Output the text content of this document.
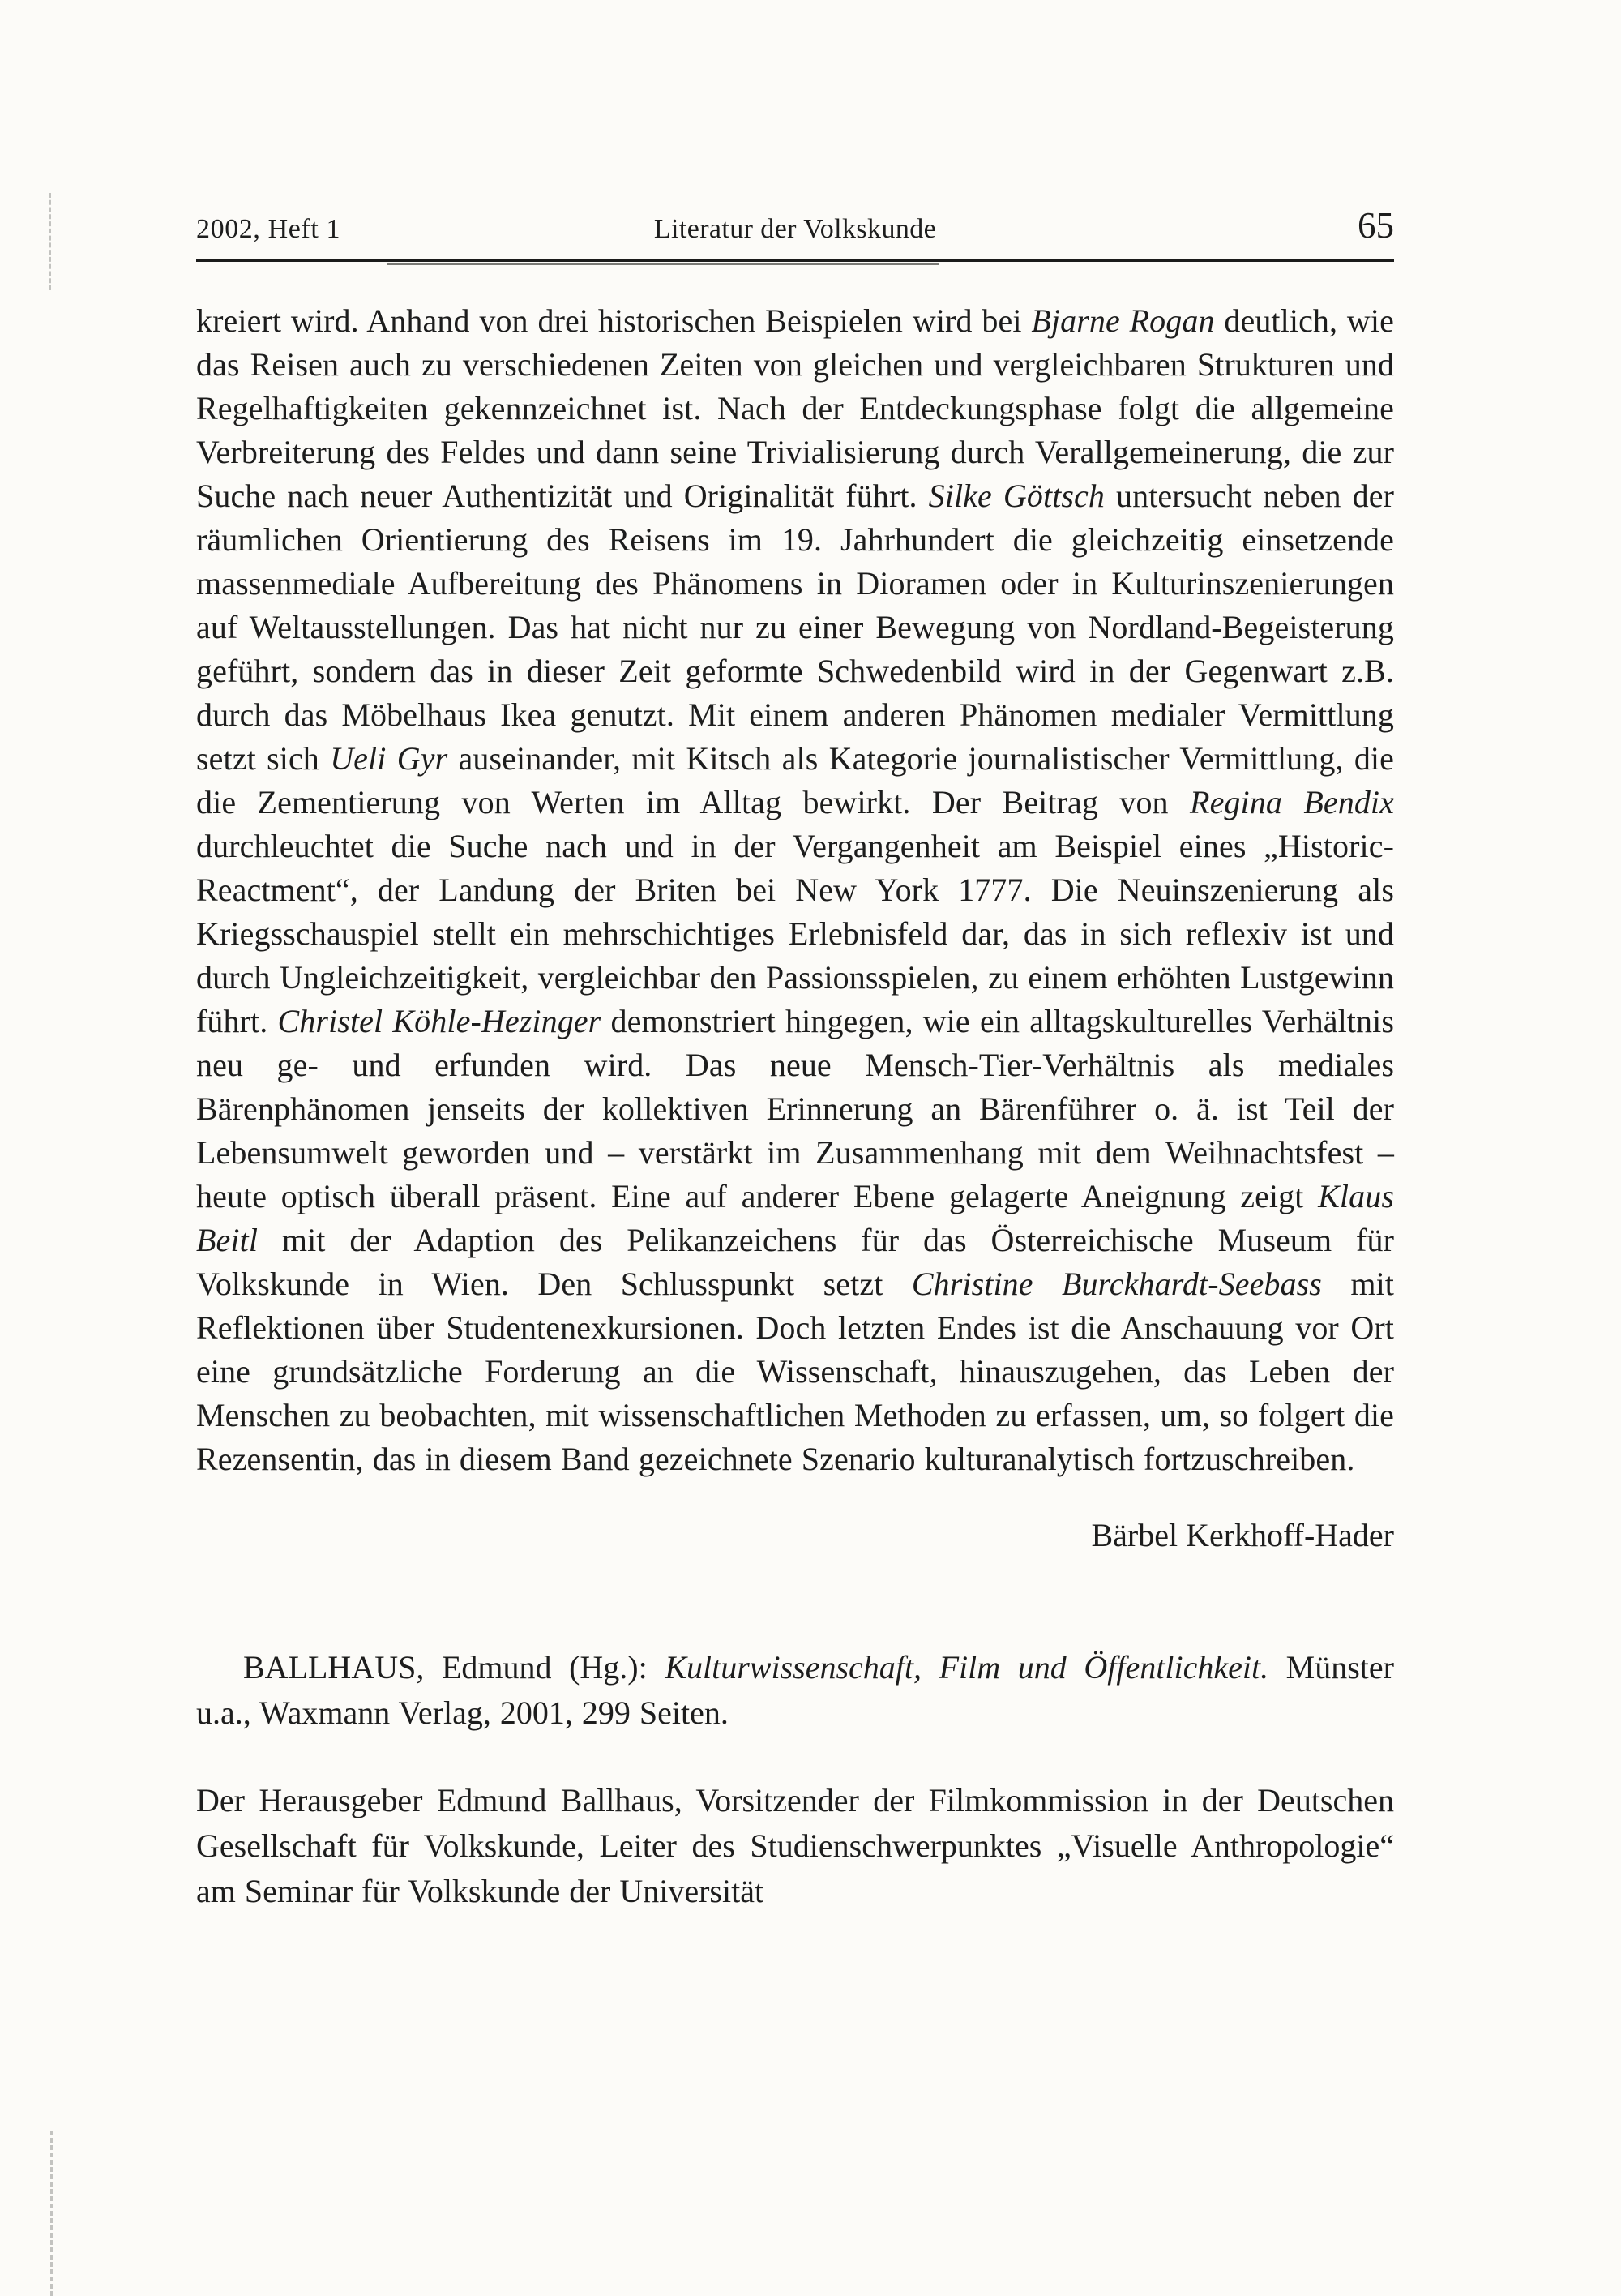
2002, Heft 1	Literatur der Volkskunde	65

kreiert wird. Anhand von drei historischen Beispielen wird bei Bjarne Rogan deutlich, wie das Reisen auch zu verschiedenen Zeiten von gleichen und vergleichbaren Strukturen und Regelhaftigkeiten gekennzeichnet ist. Nach der Entdeckungsphase folgt die allgemeine Verbreiterung des Feldes und dann seine Trivialisierung durch Verallgemeinerung, die zur Suche nach neuer Authentizität und Originalität führt. Silke Göttsch untersucht neben der räumlichen Orientierung des Reisens im 19. Jahrhundert die gleichzeitig einsetzende massenmediale Aufbereitung des Phänomens in Dioramen oder in Kulturinszenierungen auf Weltausstellungen. Das hat nicht nur zu einer Bewegung von Nordland-Begeisterung geführt, sondern das in dieser Zeit geformte Schwedenbild wird in der Gegenwart z.B. durch das Möbelhaus Ikea genutzt. Mit einem anderen Phänomen medialer Vermittlung setzt sich Ueli Gyr auseinander, mit Kitsch als Kategorie journalistischer Vermittlung, die die Zementierung von Werten im Alltag bewirkt. Der Beitrag von Regina Bendix durchleuchtet die Suche nach und in der Vergangenheit am Beispiel eines „Historic-Reactment“, der Landung der Briten bei New York 1777. Die Neuinszenierung als Kriegsschauspiel stellt ein mehrschichtiges Erlebnisfeld dar, das in sich reflexiv ist und durch Ungleichzeitigkeit, vergleichbar den Passionsspielen, zu einem erhöhten Lustgewinn führt. Christel Köhle-Hezinger demonstriert hingegen, wie ein alltagskulturelles Verhältnis neu ge- und erfunden wird. Das neue Mensch-Tier-Verhältnis als mediales Bärenphänomen jenseits der kollektiven Erinnerung an Bärenführer o. ä. ist Teil der Lebensumwelt geworden und – verstärkt im Zusammenhang mit dem Weihnachtsfest – heute optisch überall präsent. Eine auf anderer Ebene gelagerte Aneignung zeigt Klaus Beitl mit der Adaption des Pelikanzeichens für das Österreichische Museum für Volkskunde in Wien. Den Schlusspunkt setzt Christine Burckhardt-Seebass mit Reflektionen über Studentenexkursionen. Doch letzten Endes ist die Anschauung vor Ort eine grundsätzliche Forderung an die Wissenschaft, hinauszugehen, das Leben der Menschen zu beobachten, mit wissenschaftlichen Methoden zu erfassen, um, so folgert die Rezensentin, das in diesem Band gezeichnete Szenario kulturanalytisch fortzuschreiben.

Bärbel Kerkhoff-Hader

BALLHAUS, Edmund (Hg.): Kulturwissenschaft, Film und Öffentlichkeit. Münster u.a., Waxmann Verlag, 2001, 299 Seiten.

Der Herausgeber Edmund Ballhaus, Vorsitzender der Filmkommission in der Deutschen Gesellschaft für Volkskunde, Leiter des Studienschwerpunktes „Visuelle Anthropologie“ am Seminar für Volkskunde der Universität
